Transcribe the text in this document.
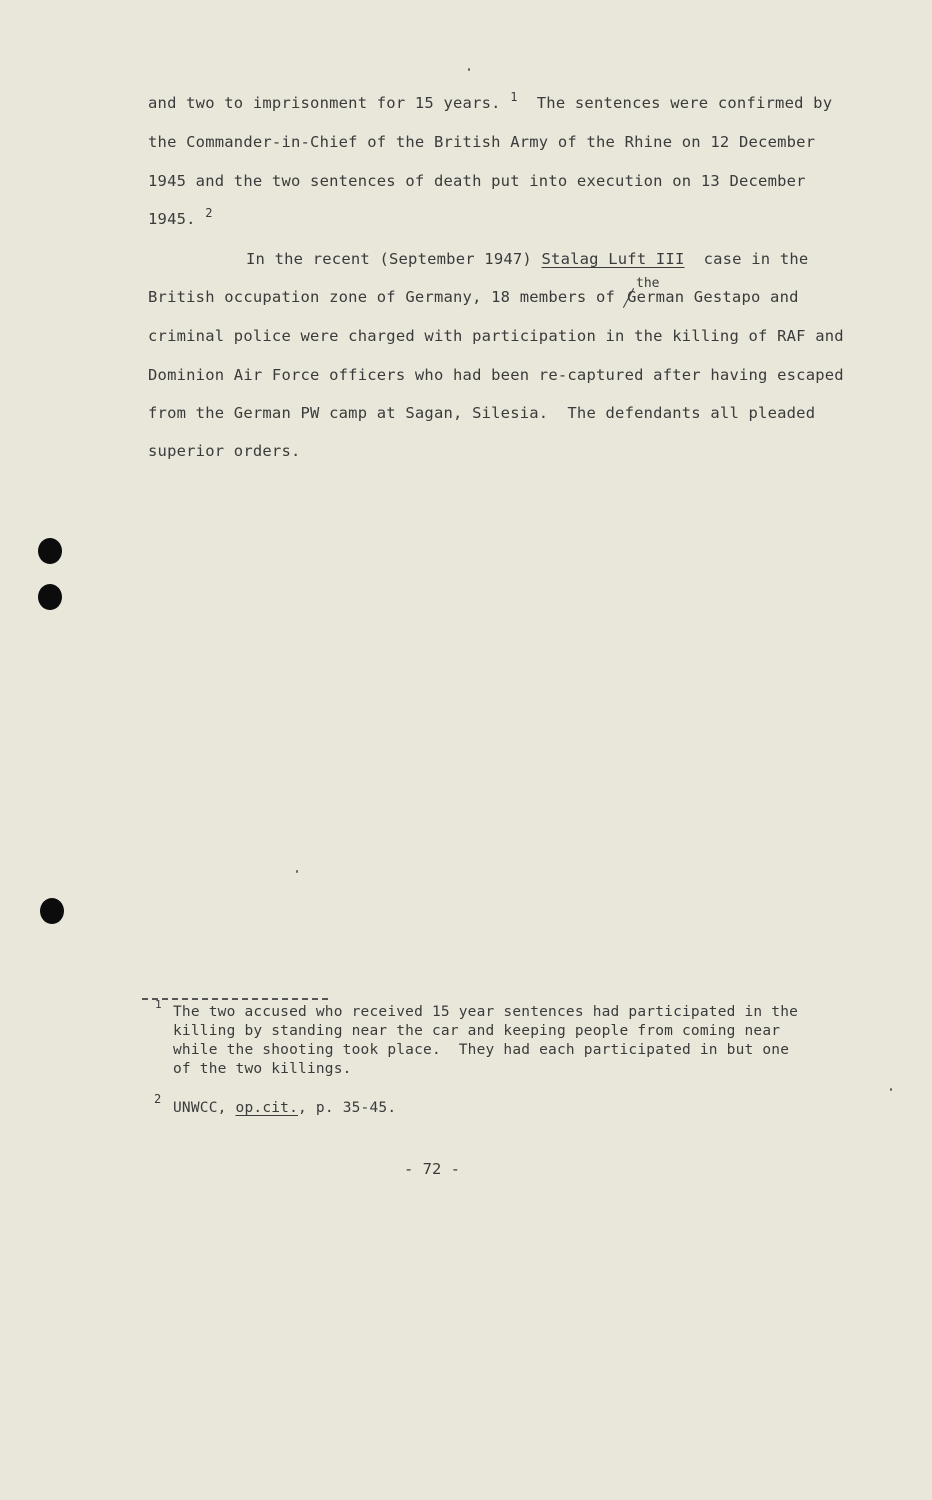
and two to imprisonment for 15 years. $^1$ The sentences were confirmed by
the Commander-in-Chief of the British Army of the Rhine on 12 December
1945 and the two sentences of death put into execution on 13 December
1945. $^2$
In the recent (September 1947) Stalag Luft III case in the
the
British occupation zone of Germany, 18 members of German Gestapo and
criminal police were charged with participation in the killing of RAF and
Dominion Air Force officers who had been re-captured after having escaped
from the German PW camp at Sagan, Silesia.  The defendants all pleaded
superior orders.
1 The two accused who received 15 year sentences had participated in the
killing by standing near the car and keeping people from coming near
while the shooting took place.  They had each participated in but one
of the two killings.
2
UNWCC, op.cit., p. 35-45.
- 72 -
